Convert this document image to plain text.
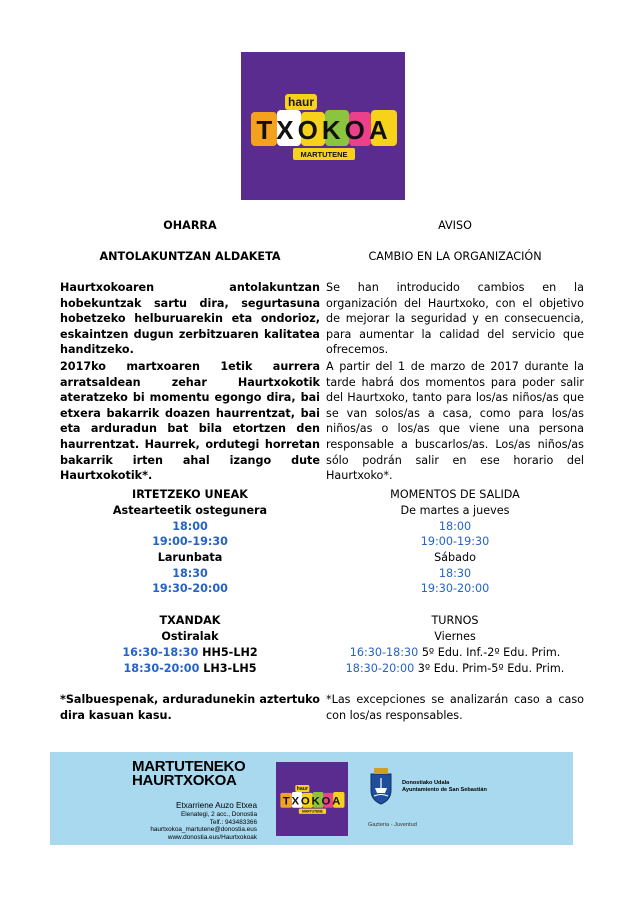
haur
TXOKOA
MARTUTENE
OHARRA
ANTOLAKUNTZAN ALDAKETA

Haurtxokoaren antolakuntzan hobekuntzak sartu dira, segurtasuna hobetzeko helburuarekin eta ondorioz, eskaintzen dugun zerbitzuaren kalitatea handitzeko.

2017ko martxoaren 1etik aurrera arratsaldean zehar Haurtxokotik ateratzeko bi momentu egongo dira, bai etxera bakarrik doazen haurrentzat, bai eta arduradun bat bila etortzen den haurrentzat. Haurrek, ordutegi horretan bakarrik irten ahal izango dute Haurtxokotik*.

IRTETZEKO UNEAK
Astearteetik ostegunera
18:00
19:00-19:30
Larunbata
18:30
19:30-20:00
TXANDAK
Ostiralak
16:30-18:30 HH5-LH2
18:30-20:00 LH3-LH5

*Salbuespenak, arduradunekin aztertuko dira kasuan kasu.

AVISO
CAMBIO EN LA ORGANIZACIÓN

Se han introducido cambios en la organización del Haurtxoko, con el objetivo de mejorar la seguridad y en consecuencia, para aumentar la calidad del servicio que ofrecemos.

A partir del 1 de marzo de 2017 durante la tarde habrá dos momentos para poder salir del Haurtxoko, tanto para los/as niños/as que se van solos/as a casa, como para los/as niños/as o los/as que viene una persona responsable a buscarlos/as. Los/as niños/as sólo podrán salir en ese horario del Haurtxoko*.

MOMENTOS DE SALIDA
De martes a jueves
18:00
19:00-19:30
Sábado
18:30
19:30-20:00
TURNOS
Viernes
16:30-18:30 5º Edu. Inf.-2º Edu. Prim.
18:30-20:00 3º Edu. Prim-5º Edu. Prim.

*Las excepciones se analizarán caso a caso con los/as responsables.

MARTUTENEKO
HAURTXOKOA
Etxarriene Auzo Etxea
Elenategi, 2 acc., Donostia
Telf.: 943483366
haurtxokoa_martutene@donostia.eus
www.donostia.eus/Haurtxokoak
haur
TXOKOA
MARTUTENE
Donostiako Udala
Ayuntamiento de San Sebastián
Gazteria - Juventud
